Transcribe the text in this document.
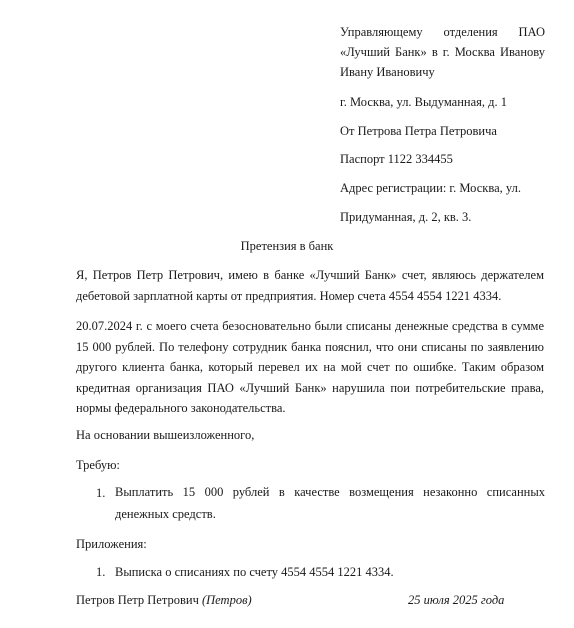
Управляющему отделения ПАО
«Лучший Банк» в г. Москва Иванову
Ивану Ивановичу
г. Москва, ул. Выдуманная, д. 1
От Петрова Петра Петровича
Паспорт 1122 334455
Адрес регистрации: г. Москва, ул.
Придуманная, д. 2, кв. 3.
Претензия в банк
Я, Петров Петр Петрович, имею в банке «Лучший Банк» счет, являюсь держателем дебетовой зарплатной карты от предприятия. Номер счета 4554 4554 1221 4334.
20.07.2024 г. с моего счета безосновательно были списаны денежные средства в сумме 15 000 рублей. По телефону сотрудник банка пояснил, что они списаны по заявлению другого клиента банка, который перевел их на мой счет по ошибке. Таким образом кредитная организация ПАО «Лучший Банк» нарушила пои потребительские права, нормы федерального законодательства.
На основании вышеизложенного,
Требую:
1. Выплатить 15 000 рублей в качестве возмещения незаконно списанных денежных средств.
Приложения:
1. Выписка о списаниях по счету 4554 4554 1221 4334.
Петров Петр Петрович (Петров)	25 июля 2025 года
